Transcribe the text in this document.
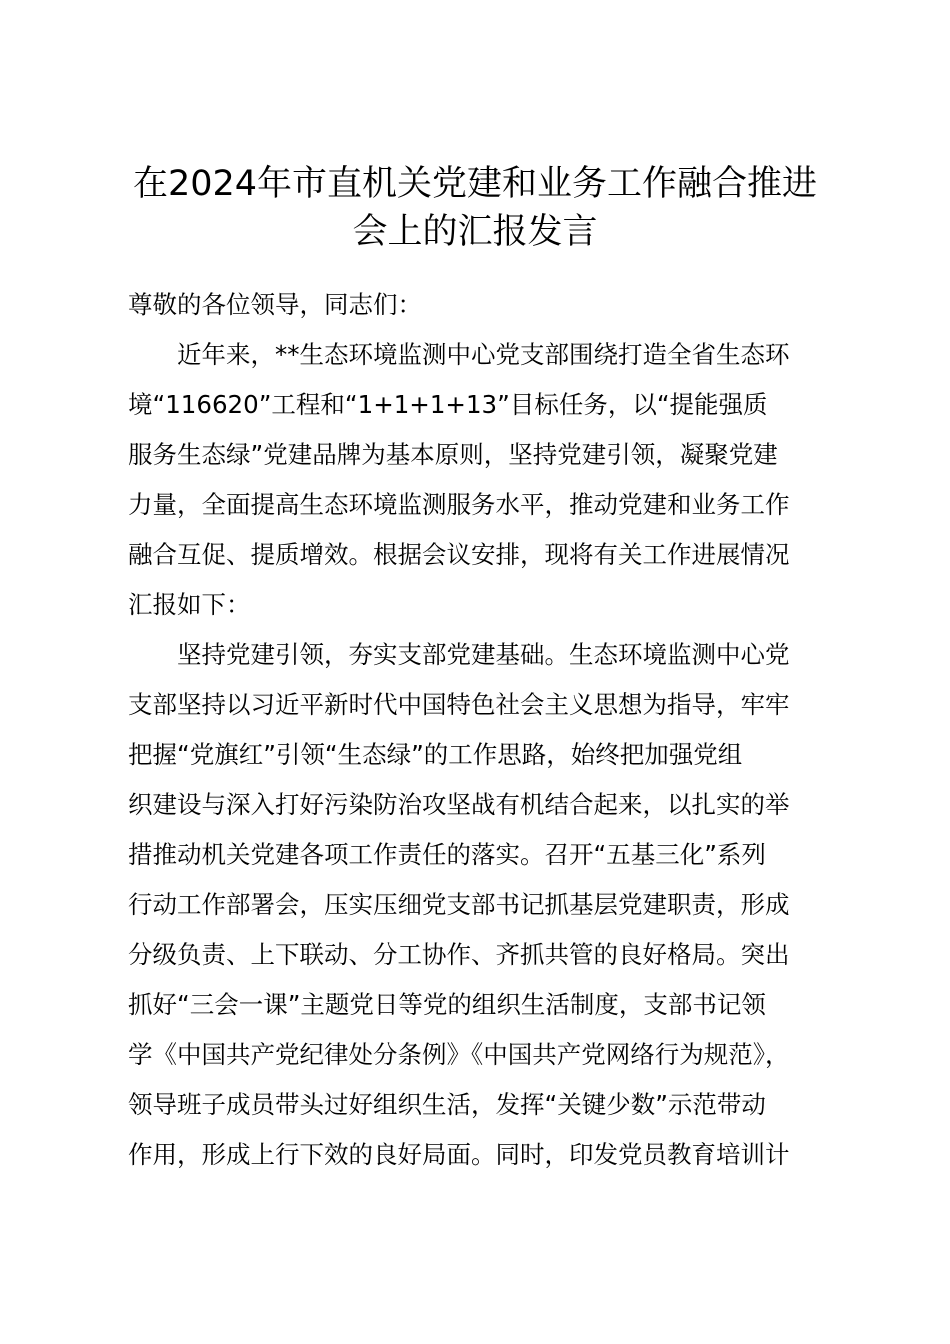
在2024年市直机关党建和业务工作融合推进
会上的汇报发言
尊敬的各位领导，同志们：
　　近年来，**生态环境监测中心党支部围绕打造全省生态环
境“116620”工程和“1+1+1+13”目标任务，以“提能强质
服务生态绿”党建品牌为基本原则，坚持党建引领，凝聚党建
力量，全面提高生态环境监测服务水平，推动党建和业务工作
融合互促、提质增效。根据会议安排，现将有关工作进展情况
汇报如下：
　　坚持党建引领，夯实支部党建基础。生态环境监测中心党
支部坚持以习近平新时代中国特色社会主义思想为指导，牢牢
把握“党旗红”引领“生态绿”的工作思路，始终把加强党组
织建设与深入打好污染防治攻坚战有机结合起来，以扎实的举
措推动机关党建各项工作责任的落实。召开“五基三化”系列
行动工作部署会，压实压细党支部书记抓基层党建职责，形成
分级负责、上下联动、分工协作、齐抓共管的良好格局。突出
抓好“三会一课”主题党日等党的组织生活制度，支部书记领
学《中国共产党纪律处分条例》《中国共产党网络行为规范》，
领导班子成员带头过好组织生活，发挥“关键少数”示范带动
作用，形成上行下效的良好局面。同时，印发党员教育培训计
